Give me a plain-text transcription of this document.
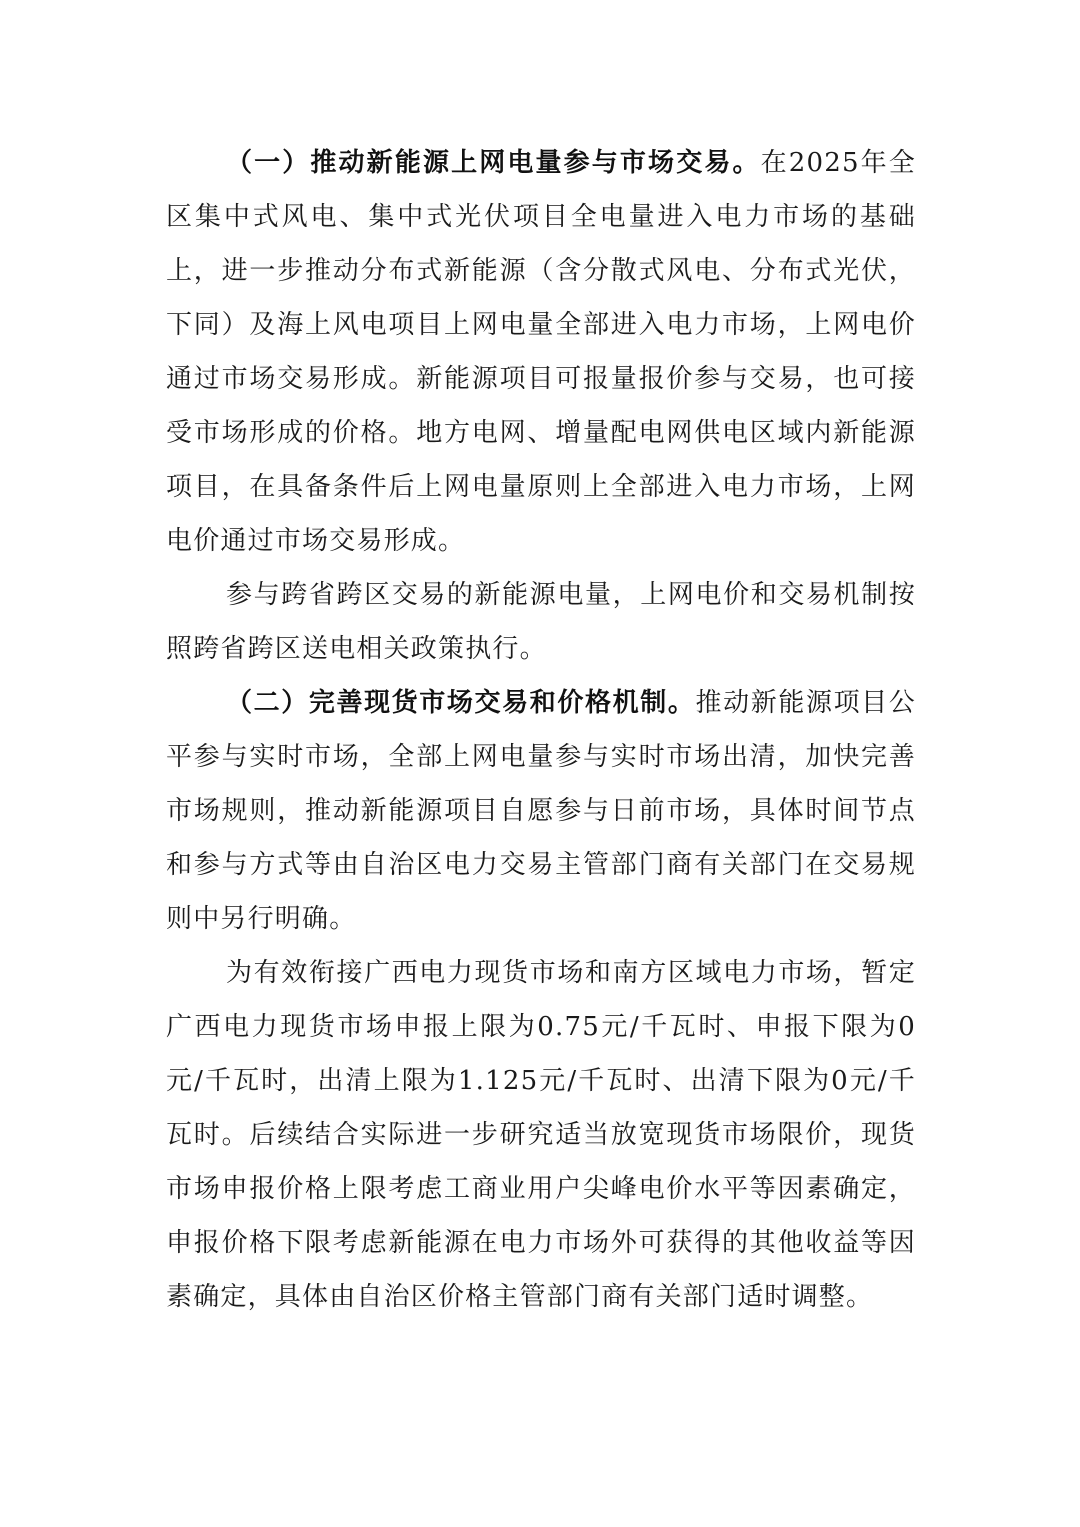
（一）推动新能源上网电量参与市场交易。在2025年全区集中式风电、集中式光伏项目全电量进入电力市场的基础上，进一步推动分布式新能源（含分散式风电、分布式光伏，下同）及海上风电项目上网电量全部进入电力市场，上网电价通过市场交易形成。新能源项目可报量报价参与交易，也可接受市场形成的价格。地方电网、增量配电网供电区域内新能源项目，在具备条件后上网电量原则上全部进入电力市场，上网电价通过市场交易形成。

参与跨省跨区交易的新能源电量，上网电价和交易机制按照跨省跨区送电相关政策执行。

（二）完善现货市场交易和价格机制。推动新能源项目公平参与实时市场，全部上网电量参与实时市场出清，加快完善市场规则，推动新能源项目自愿参与日前市场，具体时间节点和参与方式等由自治区电力交易主管部门商有关部门在交易规则中另行明确。

为有效衔接广西电力现货市场和南方区域电力市场，暂定广西电力现货市场申报上限为0.75元/千瓦时、申报下限为0元/千瓦时，出清上限为1.125元/千瓦时、出清下限为0元/千瓦时。后续结合实际进一步研究适当放宽现货市场限价，现货市场申报价格上限考虑工商业用户尖峰电价水平等因素确定，申报价格下限考虑新能源在电力市场外可获得的其他收益等因素确定，具体由自治区价格主管部门商有关部门适时调整。
